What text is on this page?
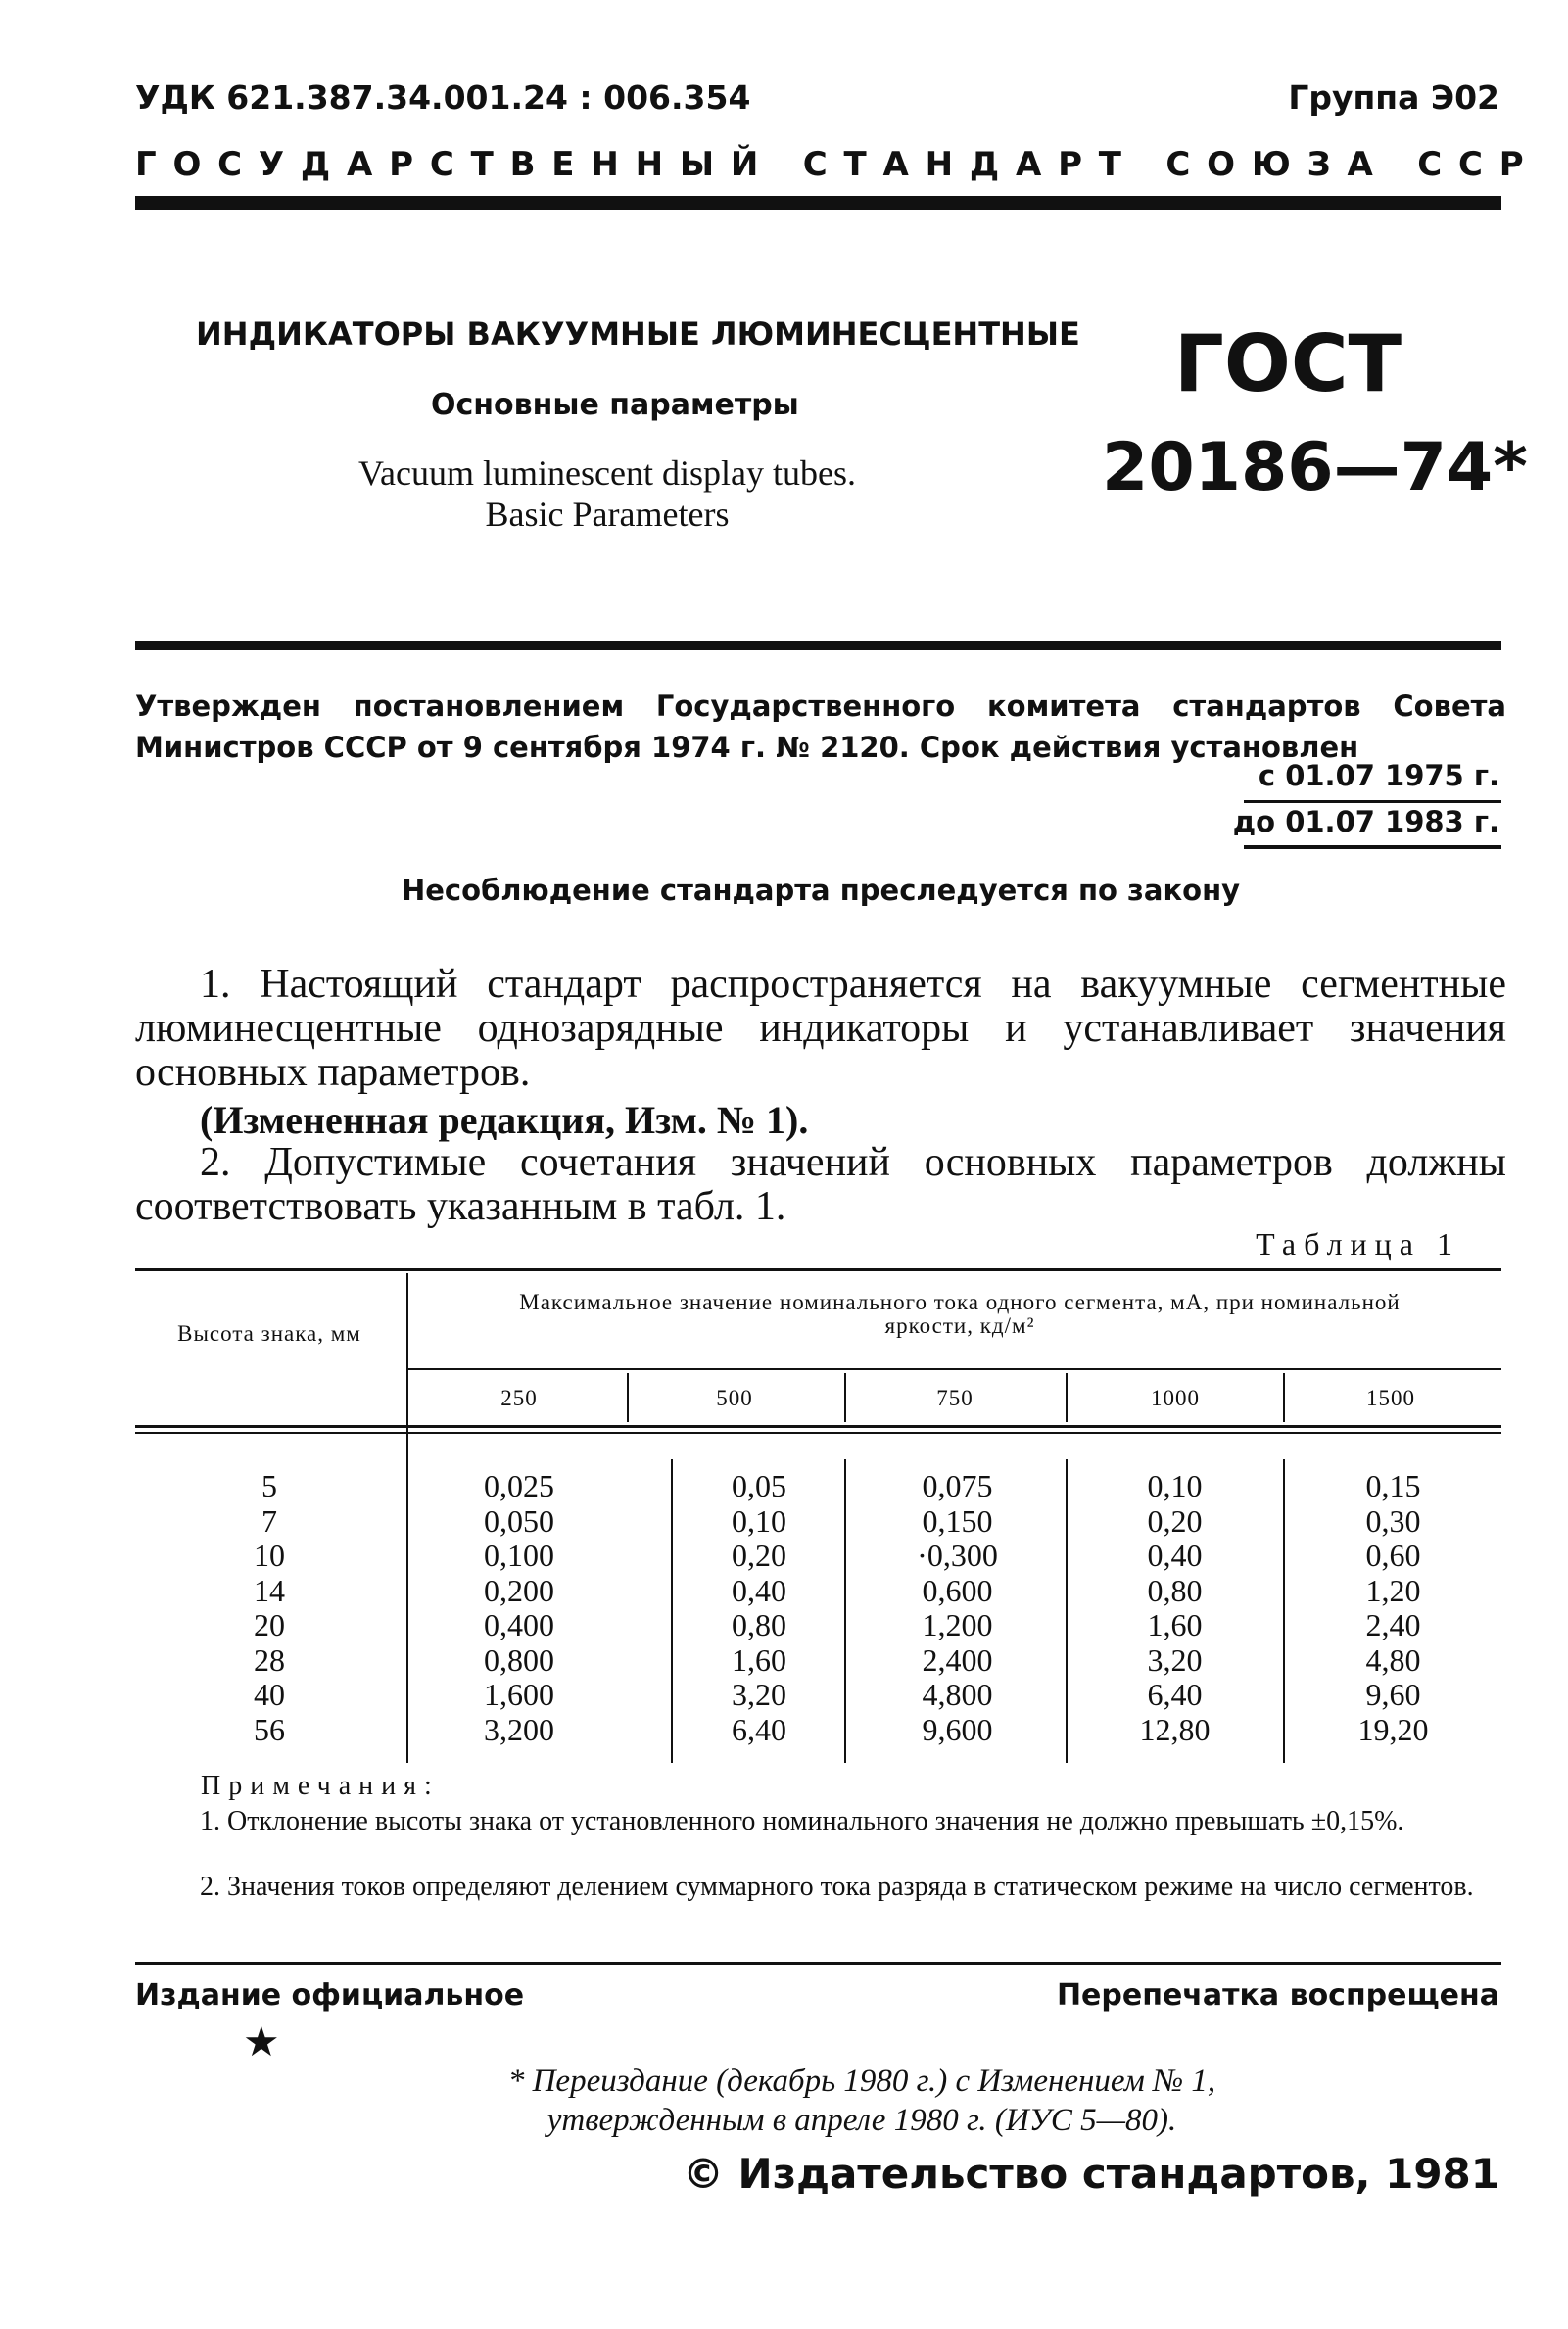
УДК 621.387.34.001.24 : 006.354	Группа Э02
ГОСУДАРСТВЕННЫЙ СТАНДАРТ СОЮЗА ССР
ИНДИКАТОРЫ ВАКУУМНЫЕ ЛЮМИНЕСЦЕНТНЫЕ
Основные параметры
Vacuum luminescent display tubes.
Basic Parameters
ГОСТ
20186—74*
Утвержден постановлением Государственного комитета стандартов Совета Министров СССР от 9 сентября 1974 г. № 2120. Срок действия установлен
с 01.07 1975 г.
до 01.07 1983 г.
Несоблюдение стандарта преследуется по закону
1. Настоящий стандарт распространяется на вакуумные сегментные люминесцентные однозарядные индикаторы и устанавливает значения основных параметров.
(Измененная редакция, Изм. № 1).
2. Допустимые сочетания значений основных параметров должны соответствовать указанным в табл. 1.
Таблица 1
Высота знака, мм
Максимальное значение номинального тока одного сегмента, мА, при номинальной яркости, кд/м²
250	500	750	1000	1500
5	0,025	0,05	0,075	0,10	0,15
7	0,050	0,10	0,150	0,20	0,30
10	0,100	0,20	·0,300	0,40	0,60
14	0,200	0,40	0,600	0,80	1,20
20	0,400	0,80	1,200	1,60	2,40
28	0,800	1,60	2,400	3,20	4,80
40	1,600	3,20	4,800	6,40	9,60
56	3,200	6,40	9,600	12,80	19,20
Примечания:
1. Отклонение высоты знака от установленного номинального значения не должно превышать ±0,15%.
2. Значения токов определяют делением суммарного тока разряда в статическом режиме на число сегментов.
Издание официальное	Перепечатка воспрещена
★
* Переиздание (декабрь 1980 г.) с Изменением № 1,
утвержденным в апреле 1980 г. (ИУС 5—80).
© Издательство стандартов, 1981
